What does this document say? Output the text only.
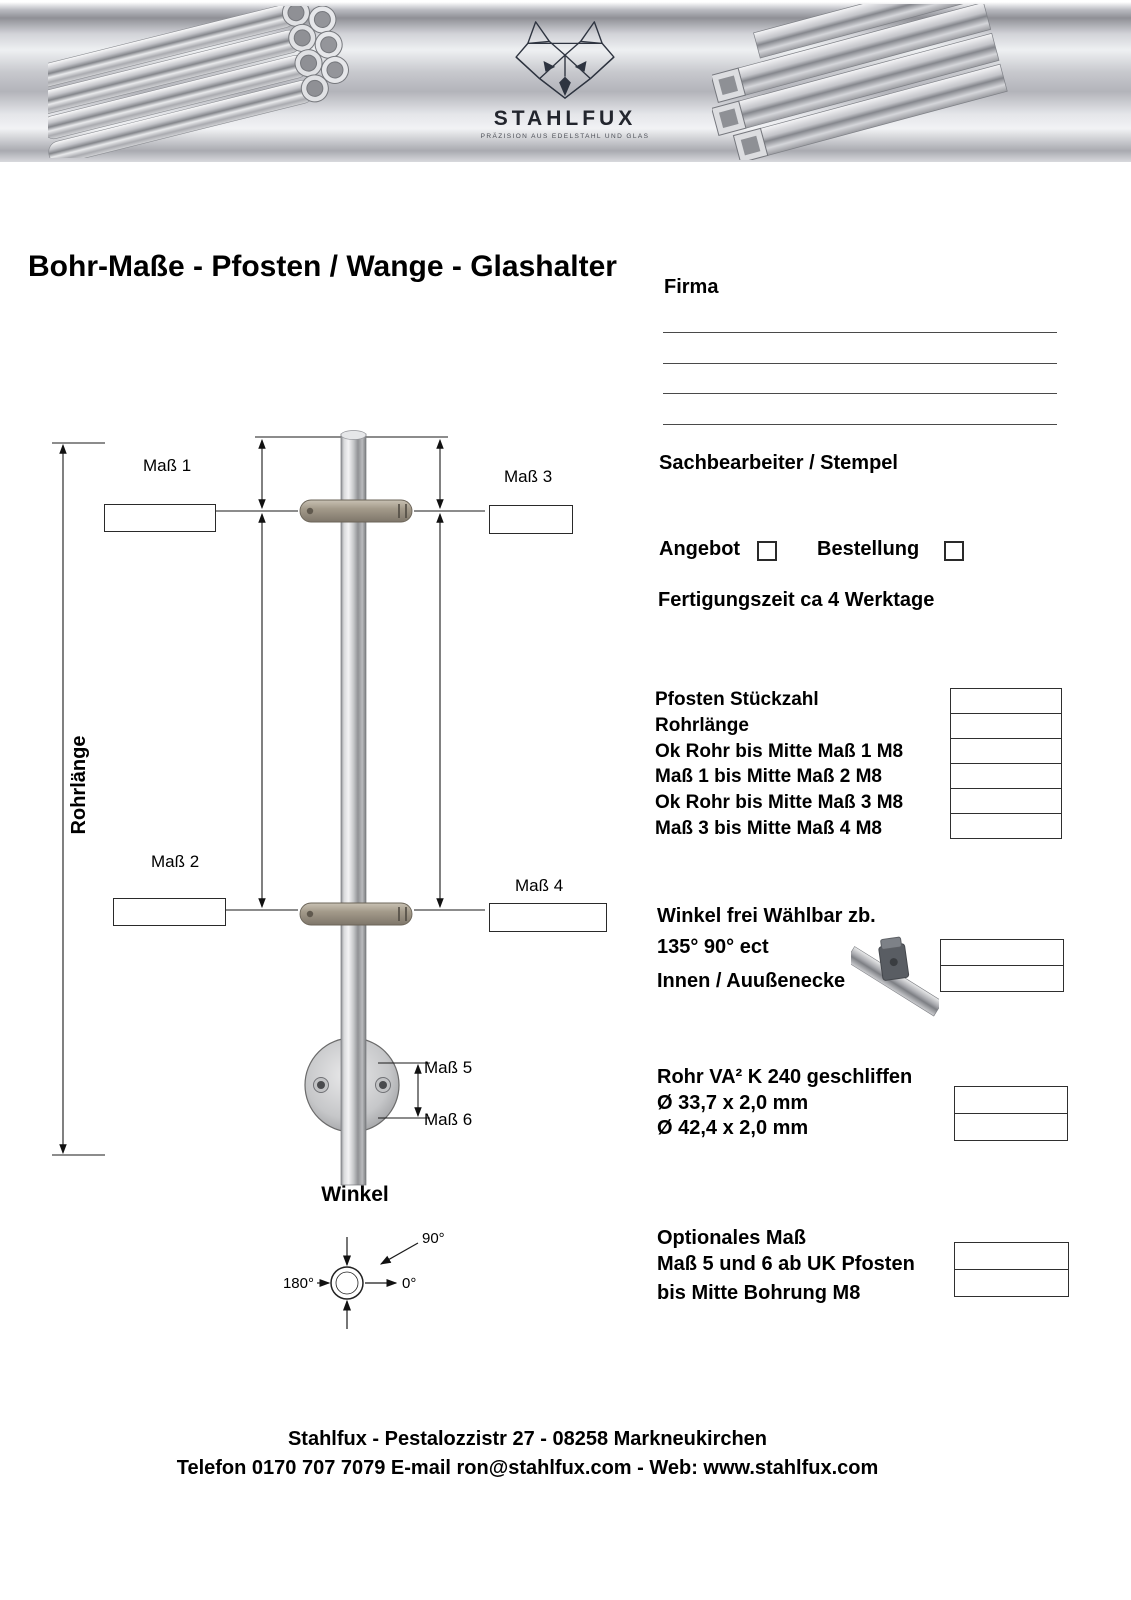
STAHLFUX
PRÄZISION AUS EDELSTAHL UND GLAS
Bohr-Maße - Pfosten / Wange - Glashalter
Firma
Sachbearbeiter / Stempel
Angebot	Bestellung
Fertigungszeit ca 4 Werktage
Pfosten Stückzahl
Rohrlänge
Ok Rohr bis Mitte Maß 1 M8
Maß 1 bis Mitte Maß 2 M8
Ok Rohr bis Mitte Maß 3 M8
Maß 3 bis Mitte Maß 4 M8
Winkel frei Wählbar zb.
135° 90° ect
Innen / Auußenecke
Rohr VA² K 240 geschliffen
Ø 33,7 x 2,0 mm
Ø 42,4 x 2,0 mm
Optionales Maß
Maß 5 und 6 ab UK Pfosten
bis Mitte Bohrung M8
Rohrlänge
180°	0°
90°
Maß 1
Maß 3
Maß 2
Maß 4
Maß 5
Maß 6
Winkel
Stahlfux - Pestalozzistr 27 - 08258 Markneukirchen
Telefon 0170 707 7079 E-mail ron@stahlfux.com - Web: www.stahlfux.com
